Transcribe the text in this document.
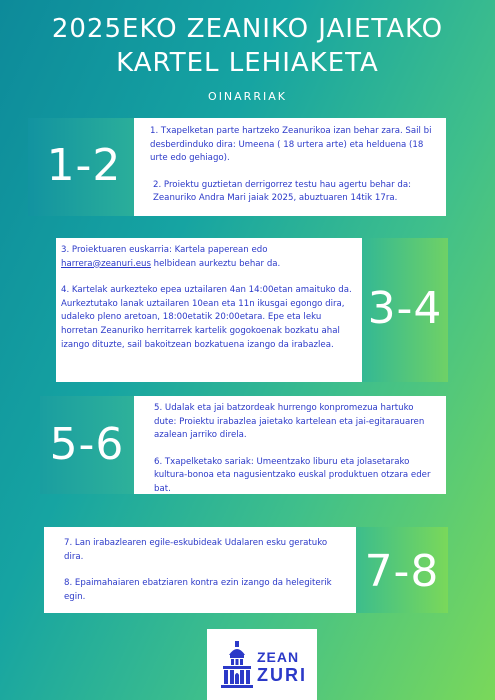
2025EKO ZEANIKO JAIETAKO
KARTEL LEHIAKETA
OINARRIAK
1-2

1. Txapelketan parte hartzeko Zeanurikoa izan behar zara. Sail bi desberdinduko dira: Umeena ( 18 urtera arte) eta helduena (18 urte edo gehiago).

2. Proiektu guztietan derrigorrez testu hau agertu behar da: Zeanuriko Andra Mari jaiak 2025, abuztuaren 14tik 17ra.

3-4

3. Proiektuaren euskarria: Kartela paperean edo harrera@zeanuri.eus helbidean aurkeztu behar da.

4. Kartelak aurkezteko epea uztailaren 4an 14:00etan amaituko da. Aurkeztutako lanak uztailaren 10ean eta 11n ikusgai egongo dira, udaleko pleno aretoan, 18:00etatik 20:00etara. Epe eta leku horretan Zeanuriko herritarrek kartelik gogokoenak bozkatu ahal izango dituzte, sail bakoitzean bozkatuena izango da irabazlea.

5-6

5. Udalak eta jai batzordeak hurrengo konpromezua hartuko dute: Proiektu irabazlea jaietako kartelean eta jai-egitarauaren azalean jarriko direla.

6. Txapelketako sariak: Umeentzako liburu eta jolasetarako kultura-bonoa eta nagusientzako euskal produktuen otzara eder bat.

7-8

7. Lan irabazlearen egile-eskubideak Udalaren esku geratuko dira.

8. Epaimahaiaren ebatziaren kontra ezin izango da helegiterik egin.

ZEAN
ZURI
